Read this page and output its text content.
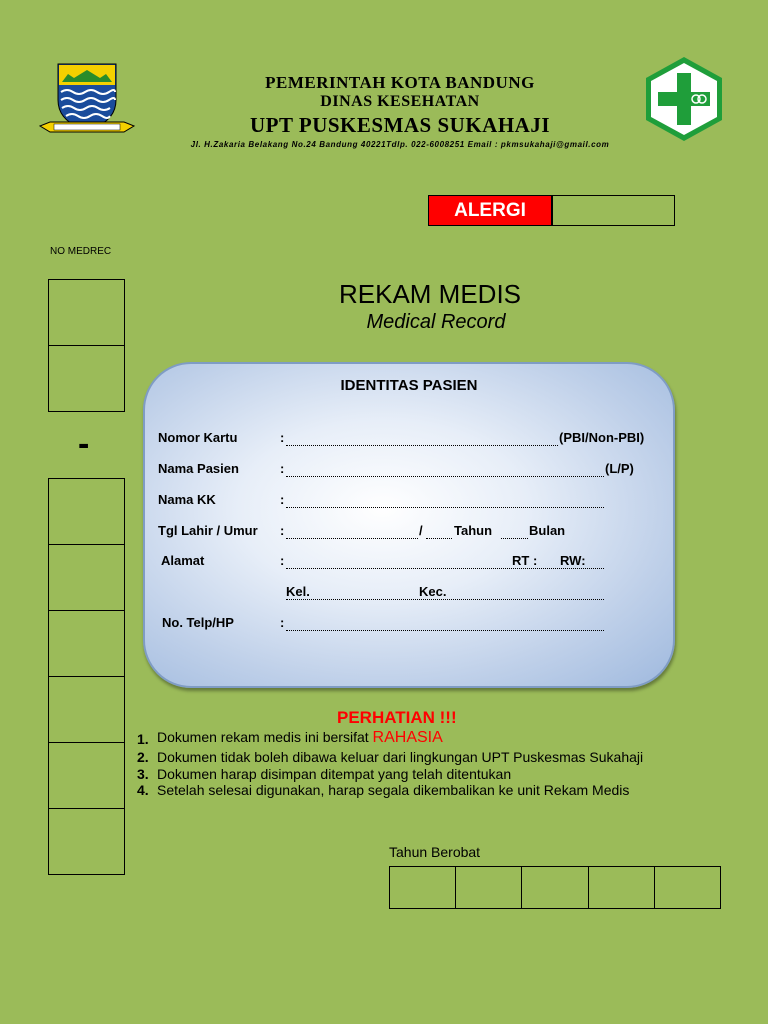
PEMERINTAH KOTA BANDUNG
DINAS KESEHATAN
UPT PUSKESMAS SUKAHAJI
Jl. H.Zakaria Belakang No.24 Bandung 40221Tdlp. 022-6008251 Email : pkmsukahaji@gmail.com
ALERGI
NO MEDREC
-
REKAM MEDIS
Medical Record
IDENTITAS PASIEN
Nomor Kartu	:	(PBI/Non-PBI)
Nama Pasien	:	(L/P)
Nama KK	:
Tgl Lahir / Umur :	/ Tahun	Bulan
Alamat	:	RT : RW:
Kel.	Kec.
No. Telp/HP	:
PERHATIAN !!!
1. Dokumen rekam medis ini bersifat RAHASIA
2. Dokumen tidak boleh dibawa keluar dari lingkungan UPT Puskesmas Sukahaji
3. Dokumen harap disimpan ditempat yang telah ditentukan
4. Setelah selesai digunakan, harap segala dikembalikan ke unit Rekam Medis
Tahun Berobat
